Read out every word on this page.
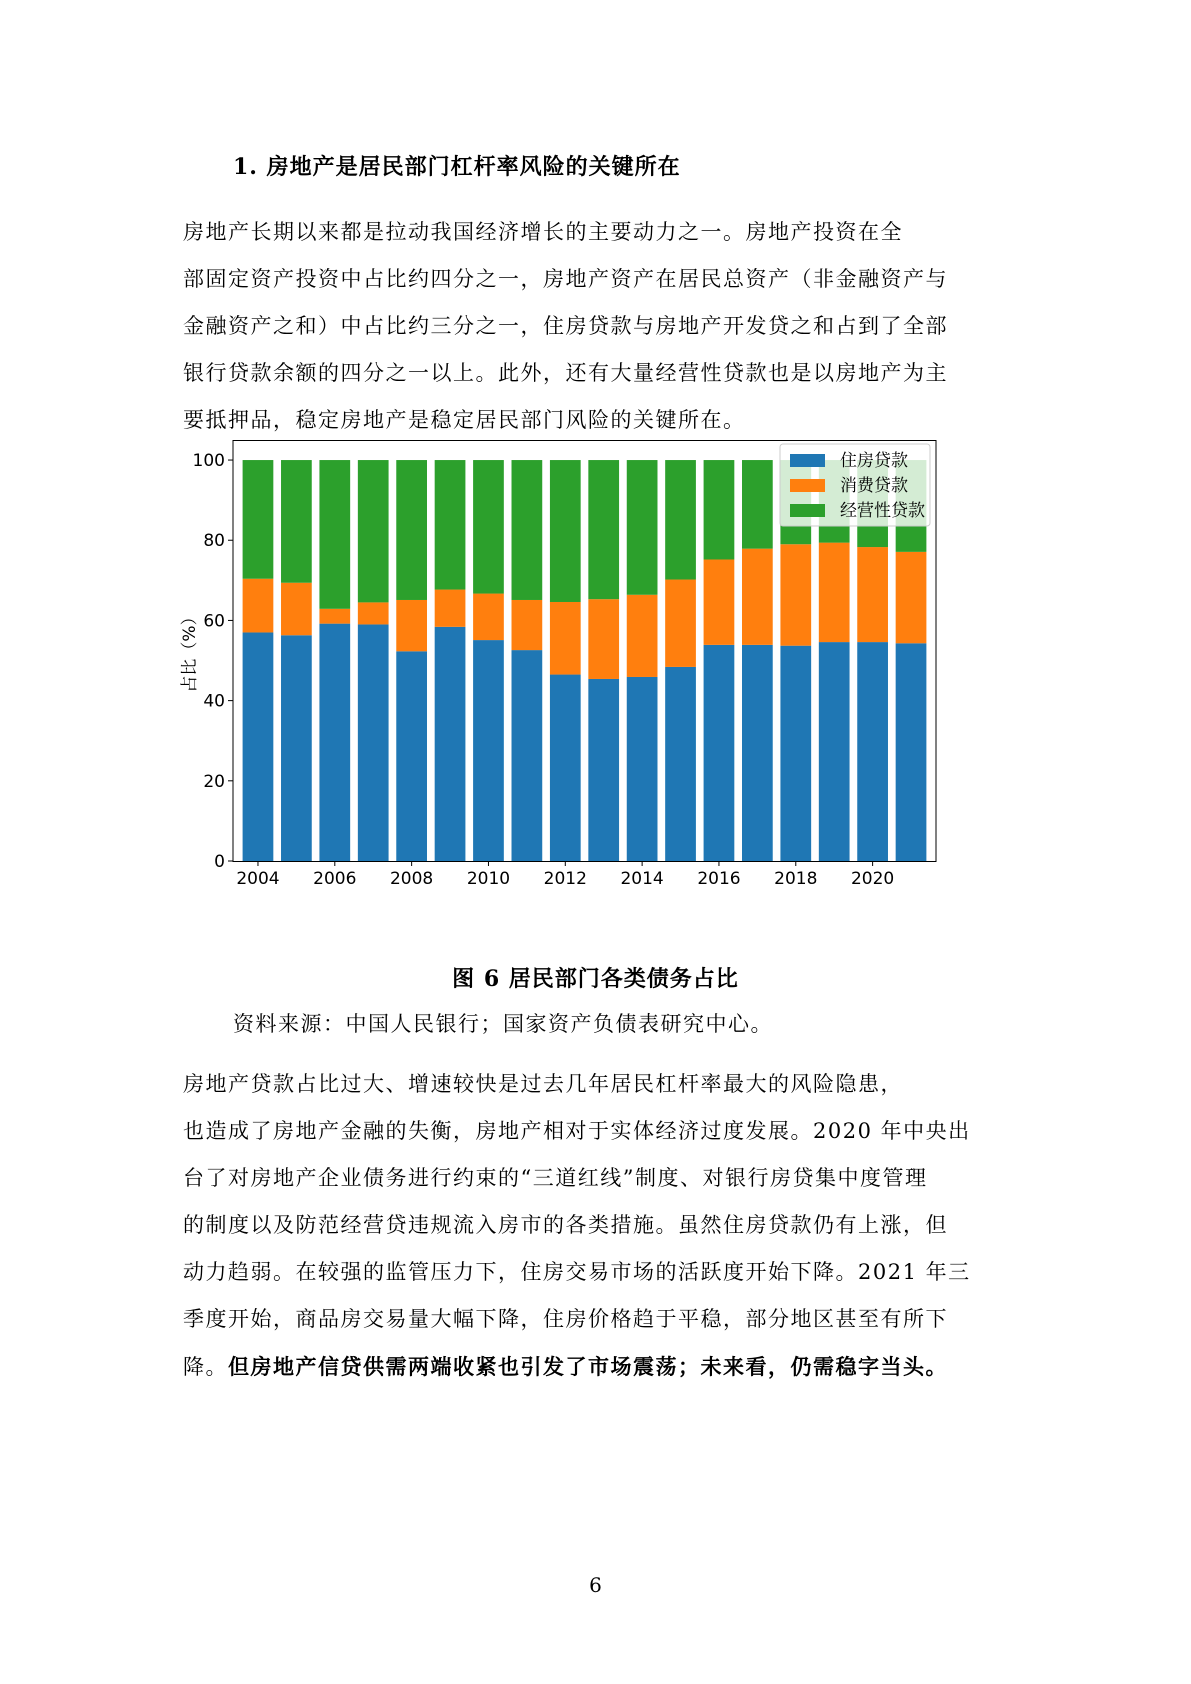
1. 房地产是居民部门杠杆率风险的关键所在
房地产长期以来都是拉动我国经济增长的主要动力之一。房地产投资在全
部固定资产投资中占比约四分之一，房地产资产在居民总资产（非金融资产与
金融资产之和）中占比约三分之一，住房贷款与房地产开发贷之和占到了全部
银行贷款余额的四分之一以上。此外，还有大量经营性贷款也是以房地产为主
要抵押品，稳定房地产是稳定居民部门风险的关键所在。
0
20
40
60
80
100
2004 2006 2008 2010 2012 2014 2016 2018 2020
占比（%）
住房贷款
消费贷款
经营性贷款
图 6 居民部门各类债务占比
资料来源：中国人民银行；国家资产负债表研究中心。
房地产贷款占比过大、增速较快是过去几年居民杠杆率最大的风险隐患，
也造成了房地产金融的失衡，房地产相对于实体经济过度发展。2020 年中央出
台了对房地产企业债务进行约束的“三道红线”制度、对银行房贷集中度管理
的制度以及防范经营贷违规流入房市的各类措施。虽然住房贷款仍有上涨，但
动力趋弱。在较强的监管压力下，住房交易市场的活跃度开始下降。2021 年三
季度开始，商品房交易量大幅下降，住房价格趋于平稳，部分地区甚至有所下
降。但房地产信贷供需两端收紧也引发了市场震荡；未来看，仍需稳字当头。
6
